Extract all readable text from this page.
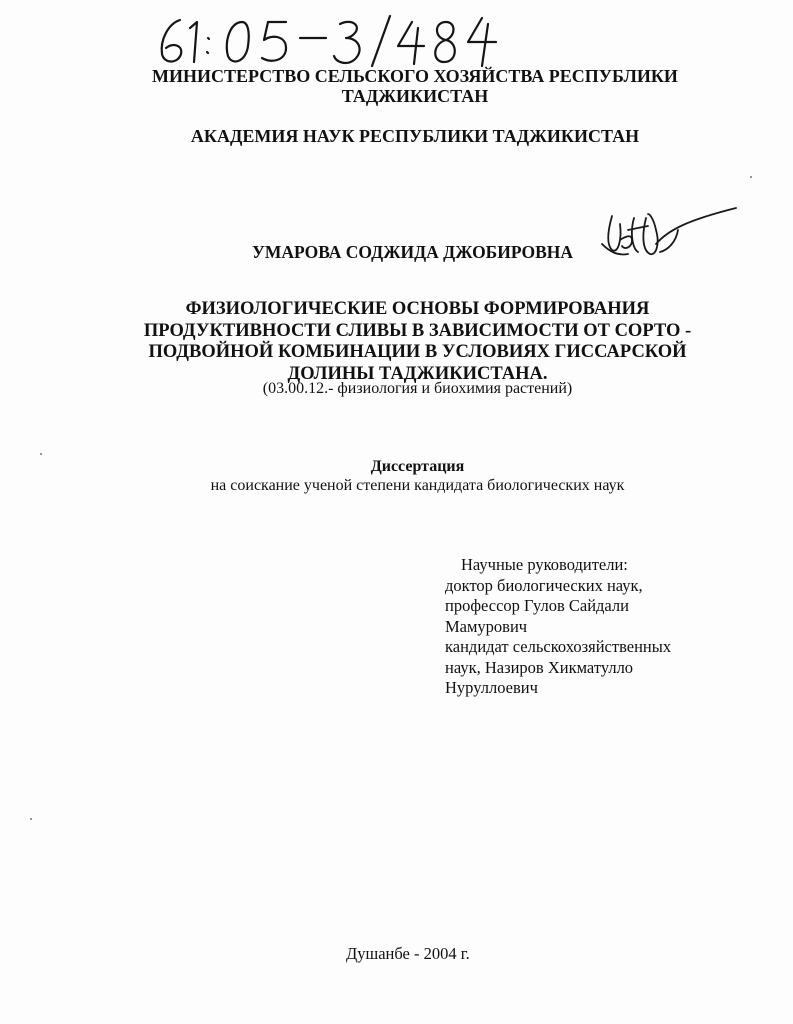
МИНИСТЕРСТВО СЕЛЬСКОГО ХОЗЯЙСТВА РЕСПУБЛИКИ
ТАДЖИКИСТАН
АКАДЕМИЯ НАУК РЕСПУБЛИКИ ТАДЖИКИСТАН
УМАРОВА СОДЖИДА ДЖОБИРОВНА
ФИЗИОЛОГИЧЕСКИЕ ОСНОВЫ ФОРМИРОВАНИЯ
ПРОДУКТИВНОСТИ СЛИВЫ В ЗАВИСИМОСТИ ОТ СОРТО -
ПОДВОЙНОЙ КОМБИНАЦИИ В УСЛОВИЯХ ГИССАРСКОЙ
ДОЛИНЫ ТАДЖИКИСТАНА.
(03.00.12.- физиология и биохимия растений)
Диссертация
на соискание ученой степени кандидата биологических наук
Научные руководители:
доктор биологических наук,
профессор Гулов Сайдали
Мамурович
кандидат сельскохозяйственных
наук, Назиров Хикматулло
Нуруллоевич
Душанбе - 2004 г.
